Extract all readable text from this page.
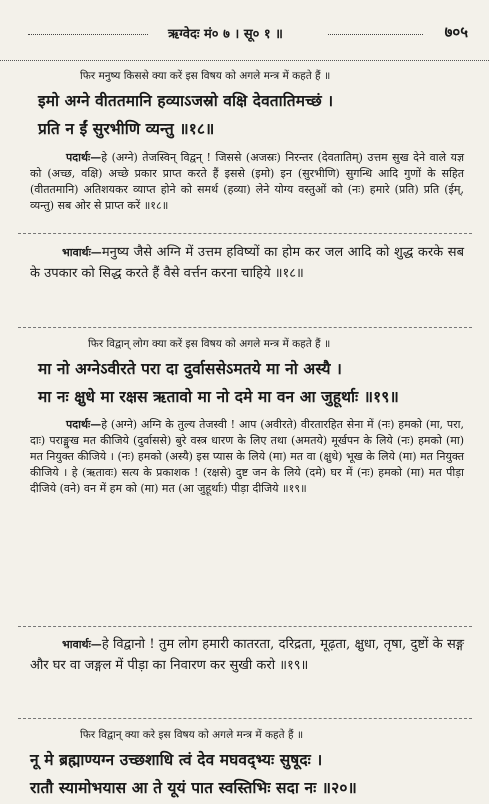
ऋग्वेदः मं० ७ । सू० १ ॥	७०५
फिर मनुष्य किससे क्या करें इस विषय को अगले मन्त्र में कहते हैं ॥
इमो अग्ने वीततमानि हव्याऽजस्रो वक्षि देवतातिमच्छं ।
प्रति न ईं सुरभीणि व्यन्तु ॥१८॥
पदार्थः—हे (अग्ने) तेजस्विन् विद्वन् ! जिससे (अजस्रः) निरन्तर (देवतातिम्) उत्तम सुख देने वाले यज्ञ को (अच्छ, वक्षि) अच्छे प्रकार प्राप्त करते हैं इससे (इमो) इन (सुरभीणि) सुगन्धि आदि गुणों के सहित (वीततमानि) अतिशयकर व्याप्त होने को समर्थ (हव्या) लेने योग्य वस्तुओं को (नः) हमारे (प्रति) प्रति (ईम्, व्यन्तु) सब ओर से प्राप्त करें ॥१८॥
भावार्थः—मनुष्य जैसे अग्नि में उत्तम हविष्यों का होम कर जल आदि को शुद्ध करके सब के उपकार को सिद्ध करते हैं वैसे वर्त्तन करना चाहिये ॥१८॥
फिर विद्वान् लोग क्या करें इस विषय को अगले मन्त्र में कहते हैं ॥
मा नो अग्नेऽवीरते परा दा दुर्वाससेऽमतये मा नो अस्यै ।
मा नः क्षुधे मा रक्षस ऋतावो मा नो दमे मा वन आ जुहूर्थाः ॥१९॥
पदार्थः—हे (अग्ने) अग्नि के तुल्य तेजस्वी ! आप (अवीरते) वीरतारहित सेना में (नः) हमको (मा, परा, दाः) पराङ्मुख मत कीजिये (दुर्वाससे) बुरे वस्त्र धारण के लिए तथा (अमतये) मूर्खपन के लिये (नः) हमको (मा) मत नियुक्त कीजिये । (नः) हमको (अस्यै) इस प्यास के लिये (मा) मत वा (क्षुधे) भूख के लिये (मा) मत नियुक्त कीजिये । हे (ऋतावः) सत्य के प्रकाशक ! (रक्षसे) दुष्ट जन के लिये (दमे) घर में (नः) हमको (मा) मत पीड़ा दीजिये (वने) वन में हम को (मा) मत (आ जुहूर्थाः) पीड़ा दीजिये ॥१९॥
भावार्थः—हे विद्वानो ! तुम लोग हमारी कातरता, दरिद्रता, मूढ़ता, क्षुधा, तृषा, दुष्टों के सङ्ग और घर वा जङ्गल में पीड़ा का निवारण कर सुखी करो ॥१९॥
फिर विद्वान् क्या करे इस विषय को अगले मन्त्र में कहते हैं ॥
नू मे ब्रह्माण्यग्न उच्छशाधि त्वं देव मघवद्भ्यः सुषूदः ।
रातौ स्यामोभयास आ ते यूयं पात स्वस्तिभिः सदा नः ॥२०॥
